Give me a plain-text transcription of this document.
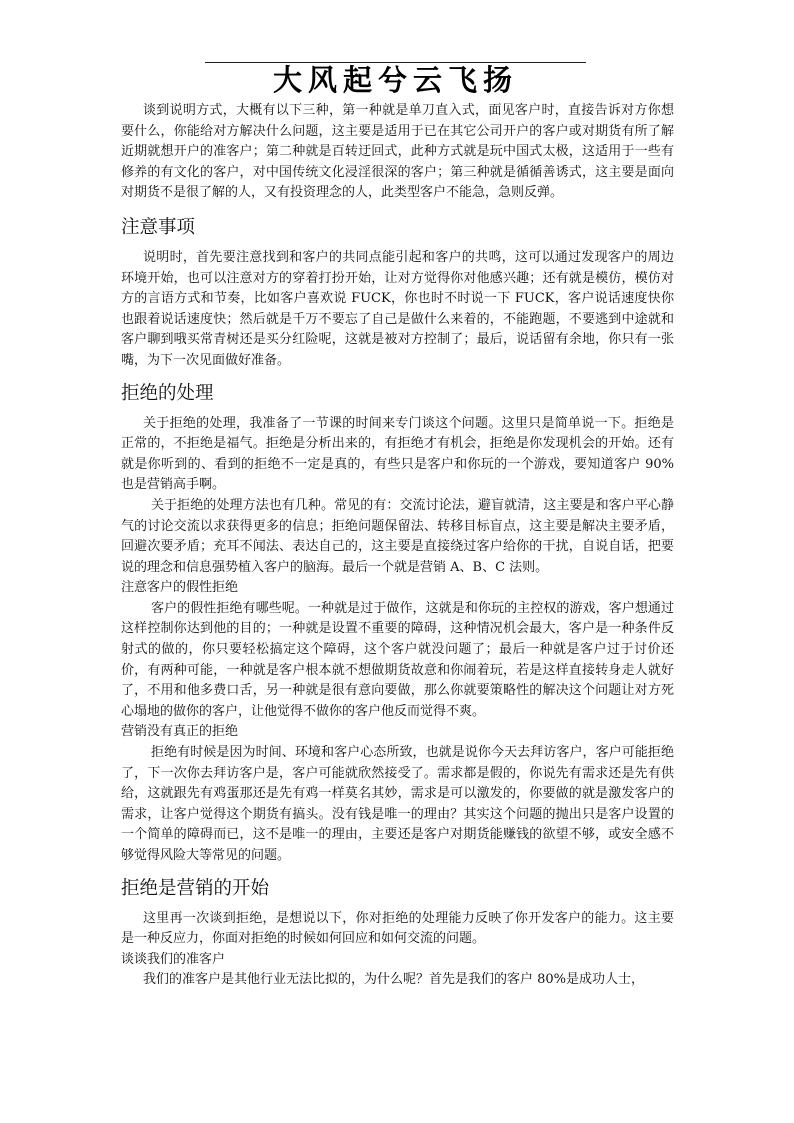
大风起兮云飞扬

谈到说明方式，大概有以下三种，第一种就是单刀直入式，面见客户时，直接告诉对方你想要什么，你能给对方解决什么问题，这主要是适用于已在其它公司开户的客户或对期货有所了解近期就想开户的准客户；第二种就是百转迂回式，此种方式就是玩中国式太极，这适用于一些有修养的有文化的客户，对中国传统文化浸淫很深的客户；第三种就是循循善诱式，这主要是面向对期货不是很了解的人，又有投资理念的人，此类型客户不能急，急则反弹。

注意事项

说明时，首先要注意找到和客户的共同点能引起和客户的共鸣，这可以通过发现客户的周边环境开始，也可以注意对方的穿着打扮开始，让对方觉得你对他感兴趣；还有就是模仿，模仿对方的言语方式和节奏，比如客户喜欢说 FUCK，你也时不时说一下 FUCK，客户说话速度快你也跟着说话速度快；然后就是千万不要忘了自己是做什么来着的，不能跑题，不要逃到中途就和客户聊到哦买常青树还是买分红险呢，这就是被对方控制了；最后，说话留有余地，你只有一张嘴，为下一次见面做好准备。

拒绝的处理

关于拒绝的处理，我准备了一节课的时间来专门谈这个问题。这里只是简单说一下。拒绝是正常的，不拒绝是福气。拒绝是分析出来的，有拒绝才有机会，拒绝是你发现机会的开始。还有就是你听到的、看到的拒绝不一定是真的，有些只是客户和你玩的一个游戏，要知道客户 90%也是营销高手啊。

关于拒绝的处理方法也有几种。常见的有：交流讨论法，避盲就清，这主要是和客户平心静气的讨论交流以求获得更多的信息；拒绝问题保留法、转移目标盲点，这主要是解决主要矛盾，回避次要矛盾；充耳不闻法、表达自己的，这主要是直接绕过客户给你的干扰，自说自话，把要说的理念和信息强势植入客户的脑海。最后一个就是营销 A、B、C 法则。

注意客户的假性拒绝

客户的假性拒绝有哪些呢。一种就是过于做作，这就是和你玩的主控权的游戏，客户想通过这样控制你达到他的目的；一种就是设置不重要的障碍，这种情况机会最大，客户是一种条件反射式的做的，你只要轻松搞定这个障碍，这个客户就没问题了；最后一种就是客户过于讨价还价，有两种可能，一种就是客户根本就不想做期货故意和你闹着玩，若是这样直接转身走人就好了，不用和他多费口舌，另一种就是很有意向要做，那么你就要策略性的解决这个问题让对方死心塌地的做你的客户，让他觉得不做你的客户他反而觉得不爽。

营销没有真正的拒绝

拒绝有时候是因为时间、环境和客户心态所致，也就是说你今天去拜访客户，客户可能拒绝了，下一次你去拜访客户是，客户可能就欣然接受了。需求都是假的，你说先有需求还是先有供给，这就跟先有鸡蛋那还是先有鸡一样莫名其妙，需求是可以激发的，你要做的就是激发客户的需求，让客户觉得这个期货有搞头。没有钱是唯一的理由？其实这个问题的抛出只是客户设置的一个简单的障碍而已，这不是唯一的理由，主要还是客户对期货能赚钱的欲望不够，或安全感不够觉得风险大等常见的问题。

拒绝是营销的开始

这里再一次谈到拒绝，是想说以下，你对拒绝的处理能力反映了你开发客户的能力。这主要是一种反应力，你面对拒绝的时候如何回应和如何交流的问题。

谈谈我们的准客户

我们的准客户是其他行业无法比拟的，为什么呢？首先是我们的客户 80%是成功人士，
